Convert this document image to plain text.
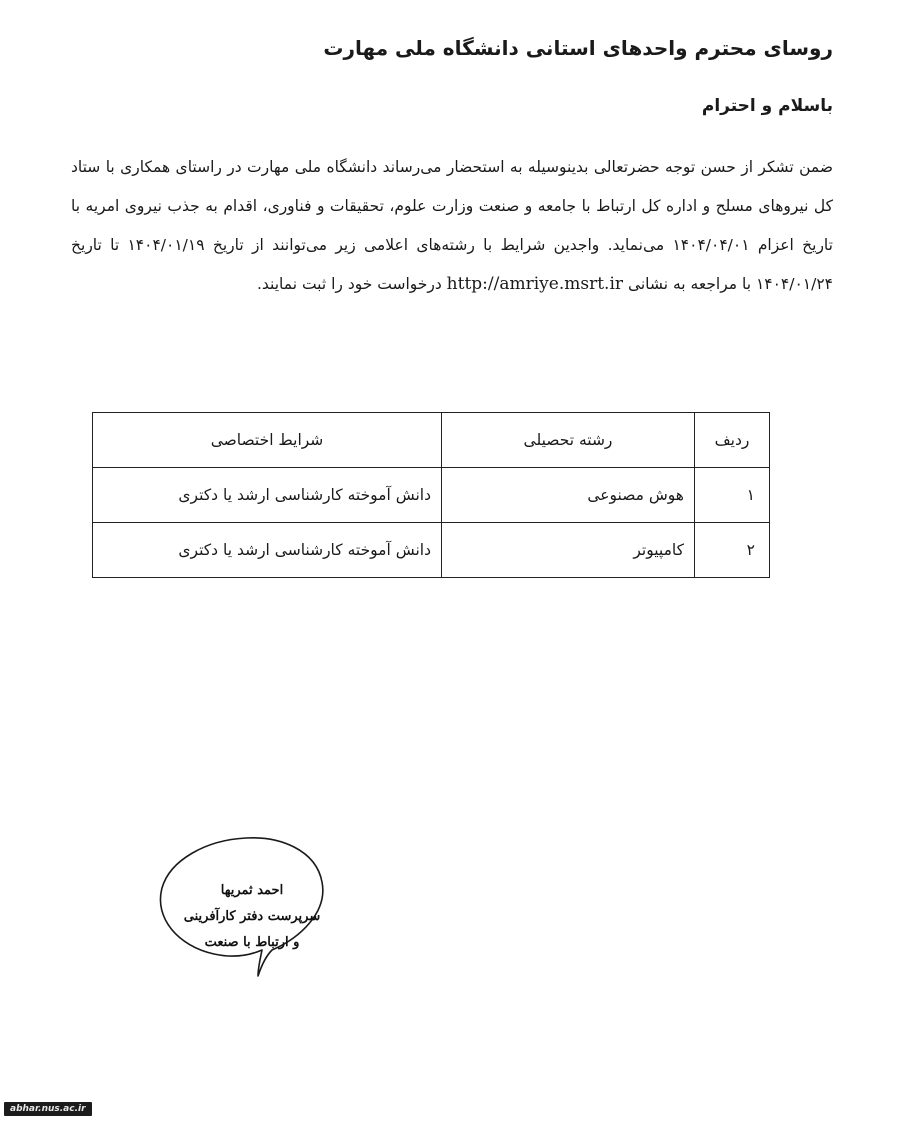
روسای محترم واحدهای استانی دانشگاه ملی مهارت
باسلام و احترام
ضمن تشکر از حسن توجه حضرتعالی بدینوسیله به استحضار می‌رساند دانشگاه ملی مهارت در راستای همکاری با ستاد کل نیروهای مسلح و اداره کل ارتباط با جامعه و صنعت وزارت علوم، تحقیقات و فناوری، اقدام به جذب نیروی امریه با تاریخ اعزام ۱۴۰۴/۰۴/۰۱ می‌نماید. واجدین شرایط با رشته‌های اعلامی زیر می‌توانند از تاریخ ۱۴۰۴/۰۱/۱۹ تا تاریخ ۱۴۰۴/۰۱/۲۴ با مراجعه به نشانی http://amriye.msrt.ir درخواست خود را ثبت نمایند.
ردیف	رشته تحصیلی	شرایط اختصاصی
۱	هوش مصنوعی	دانش آموخته کارشناسی ارشد یا دکتری
۲	کامپیوتر	دانش آموخته کارشناسی ارشد یا دکتری
احمد ثمریها
سرپرست دفتر کارآفرینی
و ارتباط با صنعت
abhar.nus.ac.ir
